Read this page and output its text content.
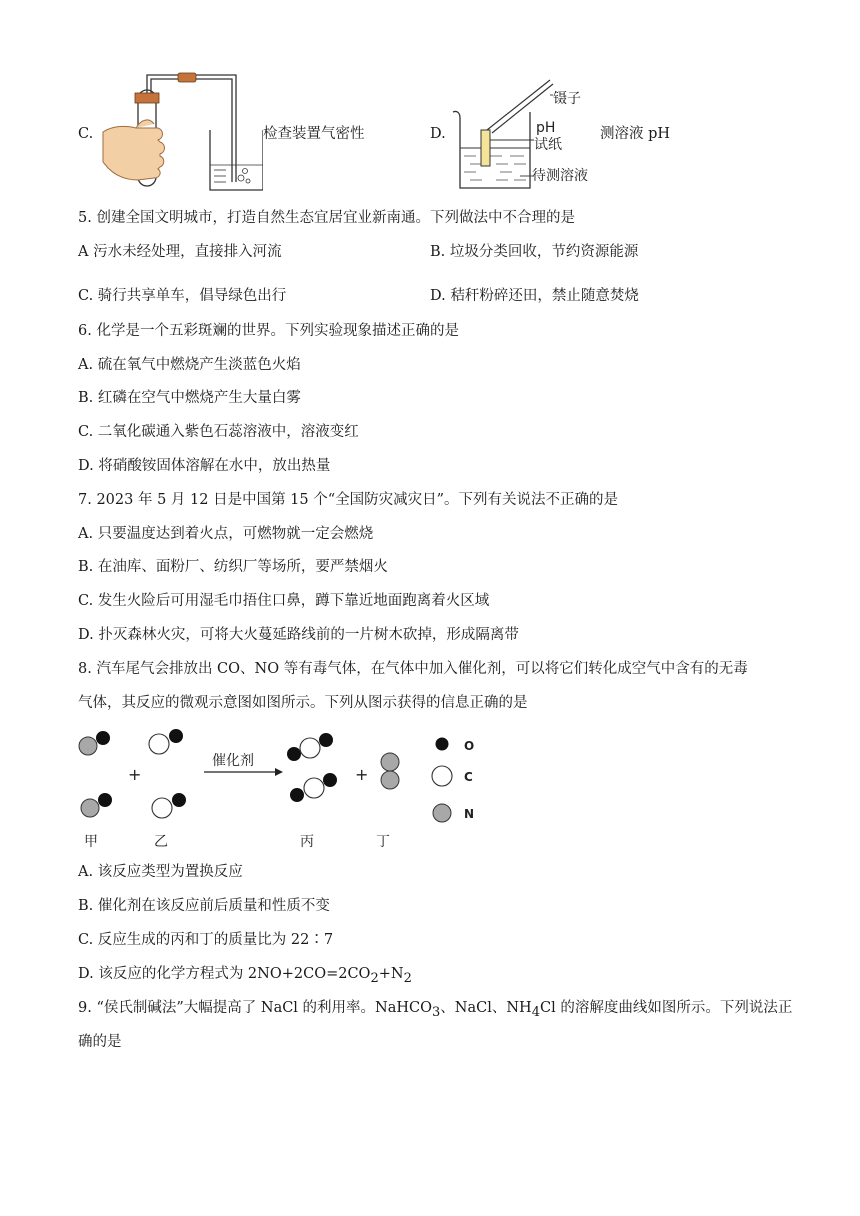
C.	检查装置气密性	D.
镊子
pH
试纸
待测溶液
测溶液 pH
5. 创建全国文明城市，打造自然生态宜居宜业新南通。下列做法中不合理的是
A 污水未经处理，直接排入河流	B. 垃圾分类回收，节约资源能源
C. 骑行共享单车，倡导绿色出行	D. 秸秆粉碎还田，禁止随意焚烧
6. 化学是一个五彩斑斓的世界。下列实验现象描述正确的是
A. 硫在氧气中燃烧产生淡蓝色火焰
B. 红磷在空气中燃烧产生大量白雾
C. 二氧化碳通入紫色石蕊溶液中，溶液变红
D. 将硝酸铵固体溶解在水中，放出热量
7. 2023 年 5 月 12 日是中国第 15 个“全国防灾减灾日”。下列有关说法不正确的是
A. 只要温度达到着火点，可燃物就一定会燃烧
B. 在油库、面粉厂、纺织厂等场所，要严禁烟火
C. 发生火险后可用湿毛巾捂住口鼻，蹲下靠近地面跑离着火区域
D. 扑灭森林火灾，可将大火蔓延路线前的一片树木砍掉，形成隔离带
8. 汽车尾气会排放出 CO、NO 等有毒气体，在气体中加入催化剂，可以将它们转化成空气中含有的无毒
气体，其反应的微观示意图如图所示。下列从图示获得的信息正确的是
+
催化剂
+
O
C
N
甲	乙	丙	丁
A. 该反应类型为置换反应
B. 催化剂在该反应前后质量和性质不变
C. 反应生成的丙和丁的质量比为 22∶7
D. 该反应的化学方程式为 $2NO+2CO=2CO_2+N_2$
9. “侯氏制碱法”大幅提高了 NaCl 的利用率。NaHCO$_3$、NaCl、$NH_4Cl$ 的溶解度曲线如图所示。下列说法正
确的是
